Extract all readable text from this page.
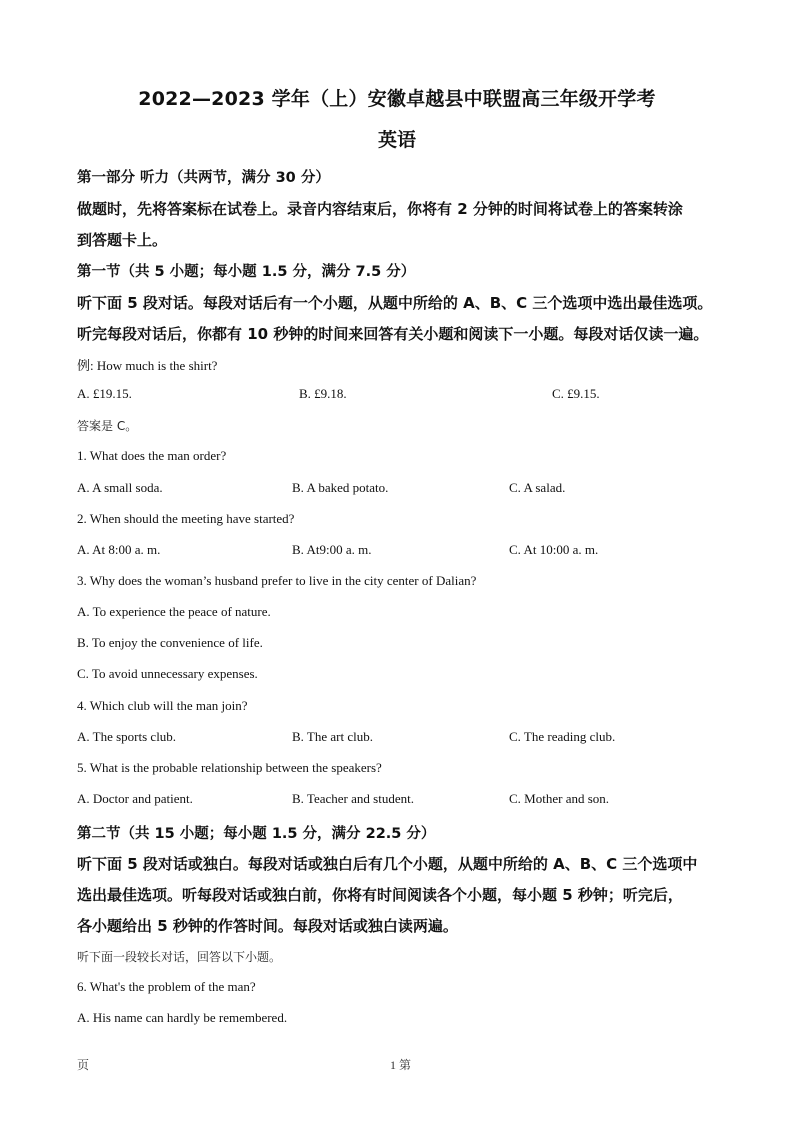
2022—2023 学年（上）安徽卓越县中联盟高三年级开学考
英语
第一部分 听力（共两节，满分 30 分）
做题时，先将答案标在试卷上。录音内容结束后，你将有 2 分钟的时间将试卷上的答案转涂
到答题卡上。
第一节（共 5 小题；每小题 1.5 分，满分 7.5 分）
听下面 5 段对话。每段对话后有一个小题，从题中所给的 A、B、C 三个选项中选出最佳选项。
听完每段对话后，你都有 10 秒钟的时间来回答有关小题和阅读下一小题。每段对话仅读一遍。
例: How much is the shirt?
A. £19.15.	B. £9.18.	C. £9.15.
答案是 C。
1. What does the man order?
A. A small soda.	B. A baked potato.	C. A salad.
2. When should the meeting have started?
A. At 8:00 a. m.	B. At9:00 a. m.	C. At 10:00 a. m.
3. Why does the woman’s husband prefer to live in the city center of Dalian?
A. To experience the peace of nature.
B. To enjoy the convenience of life.
C. To avoid unnecessary expenses.
4. Which club will the man join?
A. The sports club.	B. The art club.	C. The reading club.
5. What is the probable relationship between the speakers?
A. Doctor and patient.	B. Teacher and student.	C. Mother and son.
第二节（共 15 小题；每小题 1.5 分，满分 22.5 分）
听下面 5 段对话或独白。每段对话或独白后有几个小题，从题中所给的 A、B、C 三个选项中
选出最佳选项。听每段对话或独白前，你将有时间阅读各个小题，每小题 5 秒钟；听完后，
各小题给出 5 秒钟的作答时间。每段对话或独白读两遍。
听下面一段较长对话，回答以下小题。
6. What's the problem of the man?
A. His name can hardly be remembered.
页	1 第
